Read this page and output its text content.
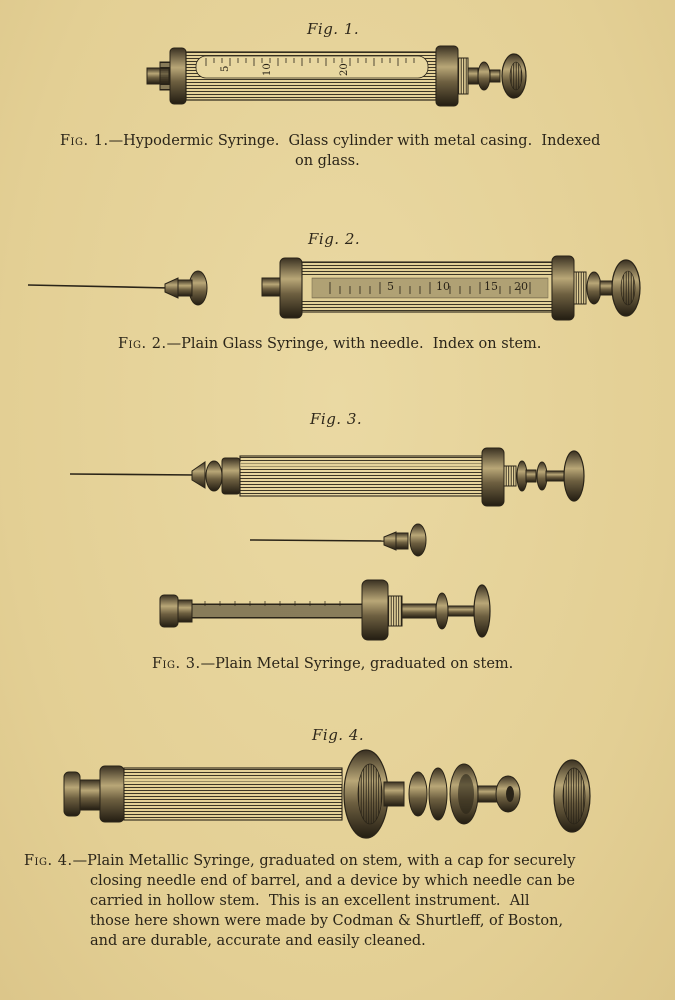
Fig. 1.
5	10	20
5	10	15 20
Fig. 1.—Hypodermic Syringe.  Glass cylinder with metal casing.  Indexed
on glass.
Fig. 2.
Fig. 2.—Plain Glass Syringe, with needle.  Index on stem.
Fig. 3.
Fig. 3.—Plain Metal Syringe, graduated on stem.
Fig. 4.
Fig. 4.—Plain Metallic Syringe, graduated on stem, with a cap for securely
closing needle end of barrel, and a device by which needle can be
carried in hollow stem.  This is an excellent instrument.  All
those here shown were made by Codman & Shurtleff, of Boston,
and are durable, accurate and easily cleaned.
